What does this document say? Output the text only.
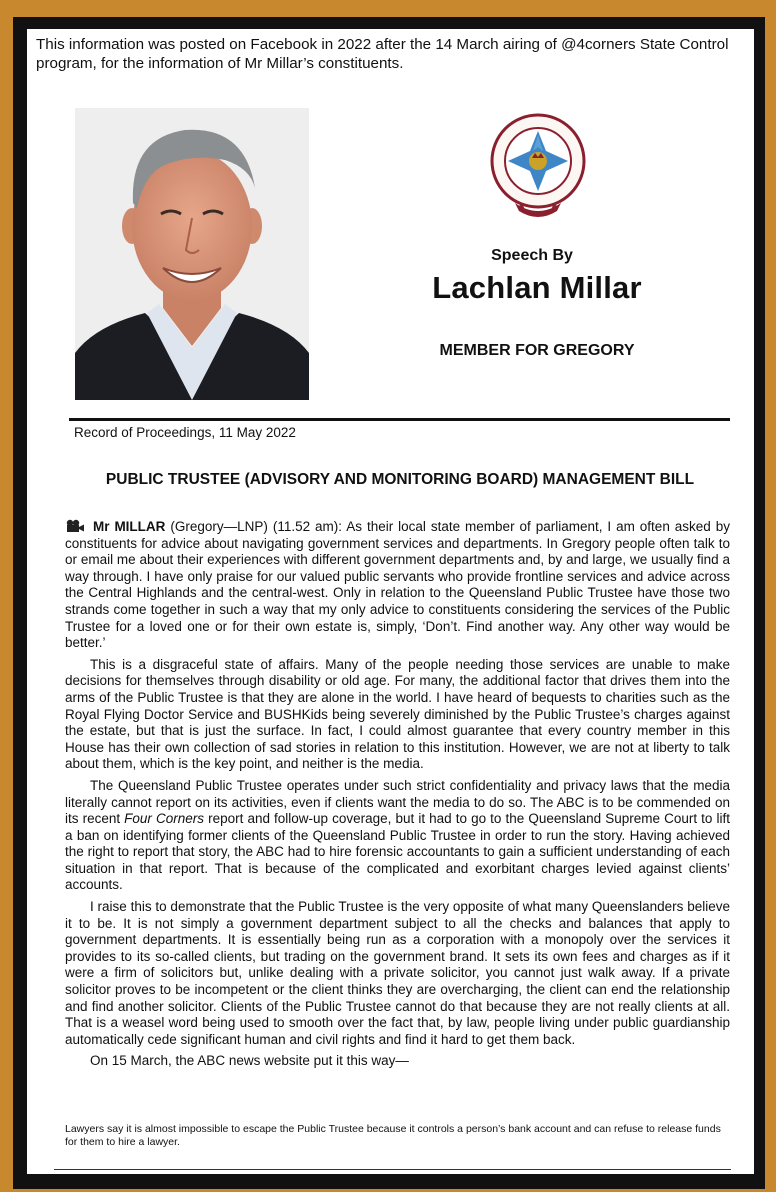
This information was posted on Facebook in 2022 after the 14 March airing of @4corners State Control program, for the information of Mr Millar’s constituents.
Speech By
Lachlan Millar
MEMBER FOR GREGORY
Record of Proceedings, 11 May 2022
PUBLIC TRUSTEE (ADVISORY AND MONITORING BOARD) MANAGEMENT BILL

Mr MILLAR (Gregory—LNP) (11.52 am): As their local state member of parliament, I am often asked by constituents for advice about navigating government services and departments. In Gregory people often talk to or email me about their experiences with different government departments and, by and large, we usually find a way through. I have only praise for our valued public servants who provide frontline services and advice across the Central Highlands and the central-west. Only in relation to the Queensland Public Trustee have those two strands come together in such a way that my only advice to constituents considering the services of the Public Trustee for a loved one or for their own estate is, simply, ‘Don’t. Find another way. Any other way would be better.’

This is a disgraceful state of affairs. Many of the people needing those services are unable to make decisions for themselves through disability or old age. For many, the additional factor that drives them into the arms of the Public Trustee is that they are alone in the world. I have heard of bequests to charities such as the Royal Flying Doctor Service and BUSHKids being severely diminished by the Public Trustee’s charges against the estate, but that is just the surface. In fact, I could almost guarantee that every country member in this House has their own collection of sad stories in relation to this institution. However, we are not at liberty to talk about them, which is the key point, and neither is the media.

The Queensland Public Trustee operates under such strict confidentiality and privacy laws that the media literally cannot report on its activities, even if clients want the media to do so. The ABC is to be commended on its recent Four Corners report and follow-up coverage, but it had to go to the Queensland Supreme Court to lift a ban on identifying former clients of the Queensland Public Trustee in order to run the story. Having achieved the right to report that story, the ABC had to hire forensic accountants to gain a sufficient understanding of each situation in that report. That is because of the complicated and exorbitant charges levied against clients’ accounts.

I raise this to demonstrate that the Public Trustee is the very opposite of what many Queenslanders believe it to be. It is not simply a government department subject to all the checks and balances that apply to government departments. It is essentially being run as a corporation with a monopoly over the services it provides to its so-called clients, but trading on the government brand. It sets its own fees and charges as if it were a firm of solicitors but, unlike dealing with a private solicitor, you cannot just walk away. If a private solicitor proves to be incompetent or the client thinks they are overcharging, the client can end the relationship and find another solicitor. Clients of the Public Trustee cannot do that because they are not really clients at all. That is a weasel word being used to smooth over the fact that, by law, people living under public guardianship automatically cede significant human and civil rights and find it hard to get them back.

On 15 March, the ABC news website put it this way—

Lawyers say it is almost impossible to escape the Public Trustee because it controls a person’s bank account and can refuse to release funds for them to hire a lawyer.
